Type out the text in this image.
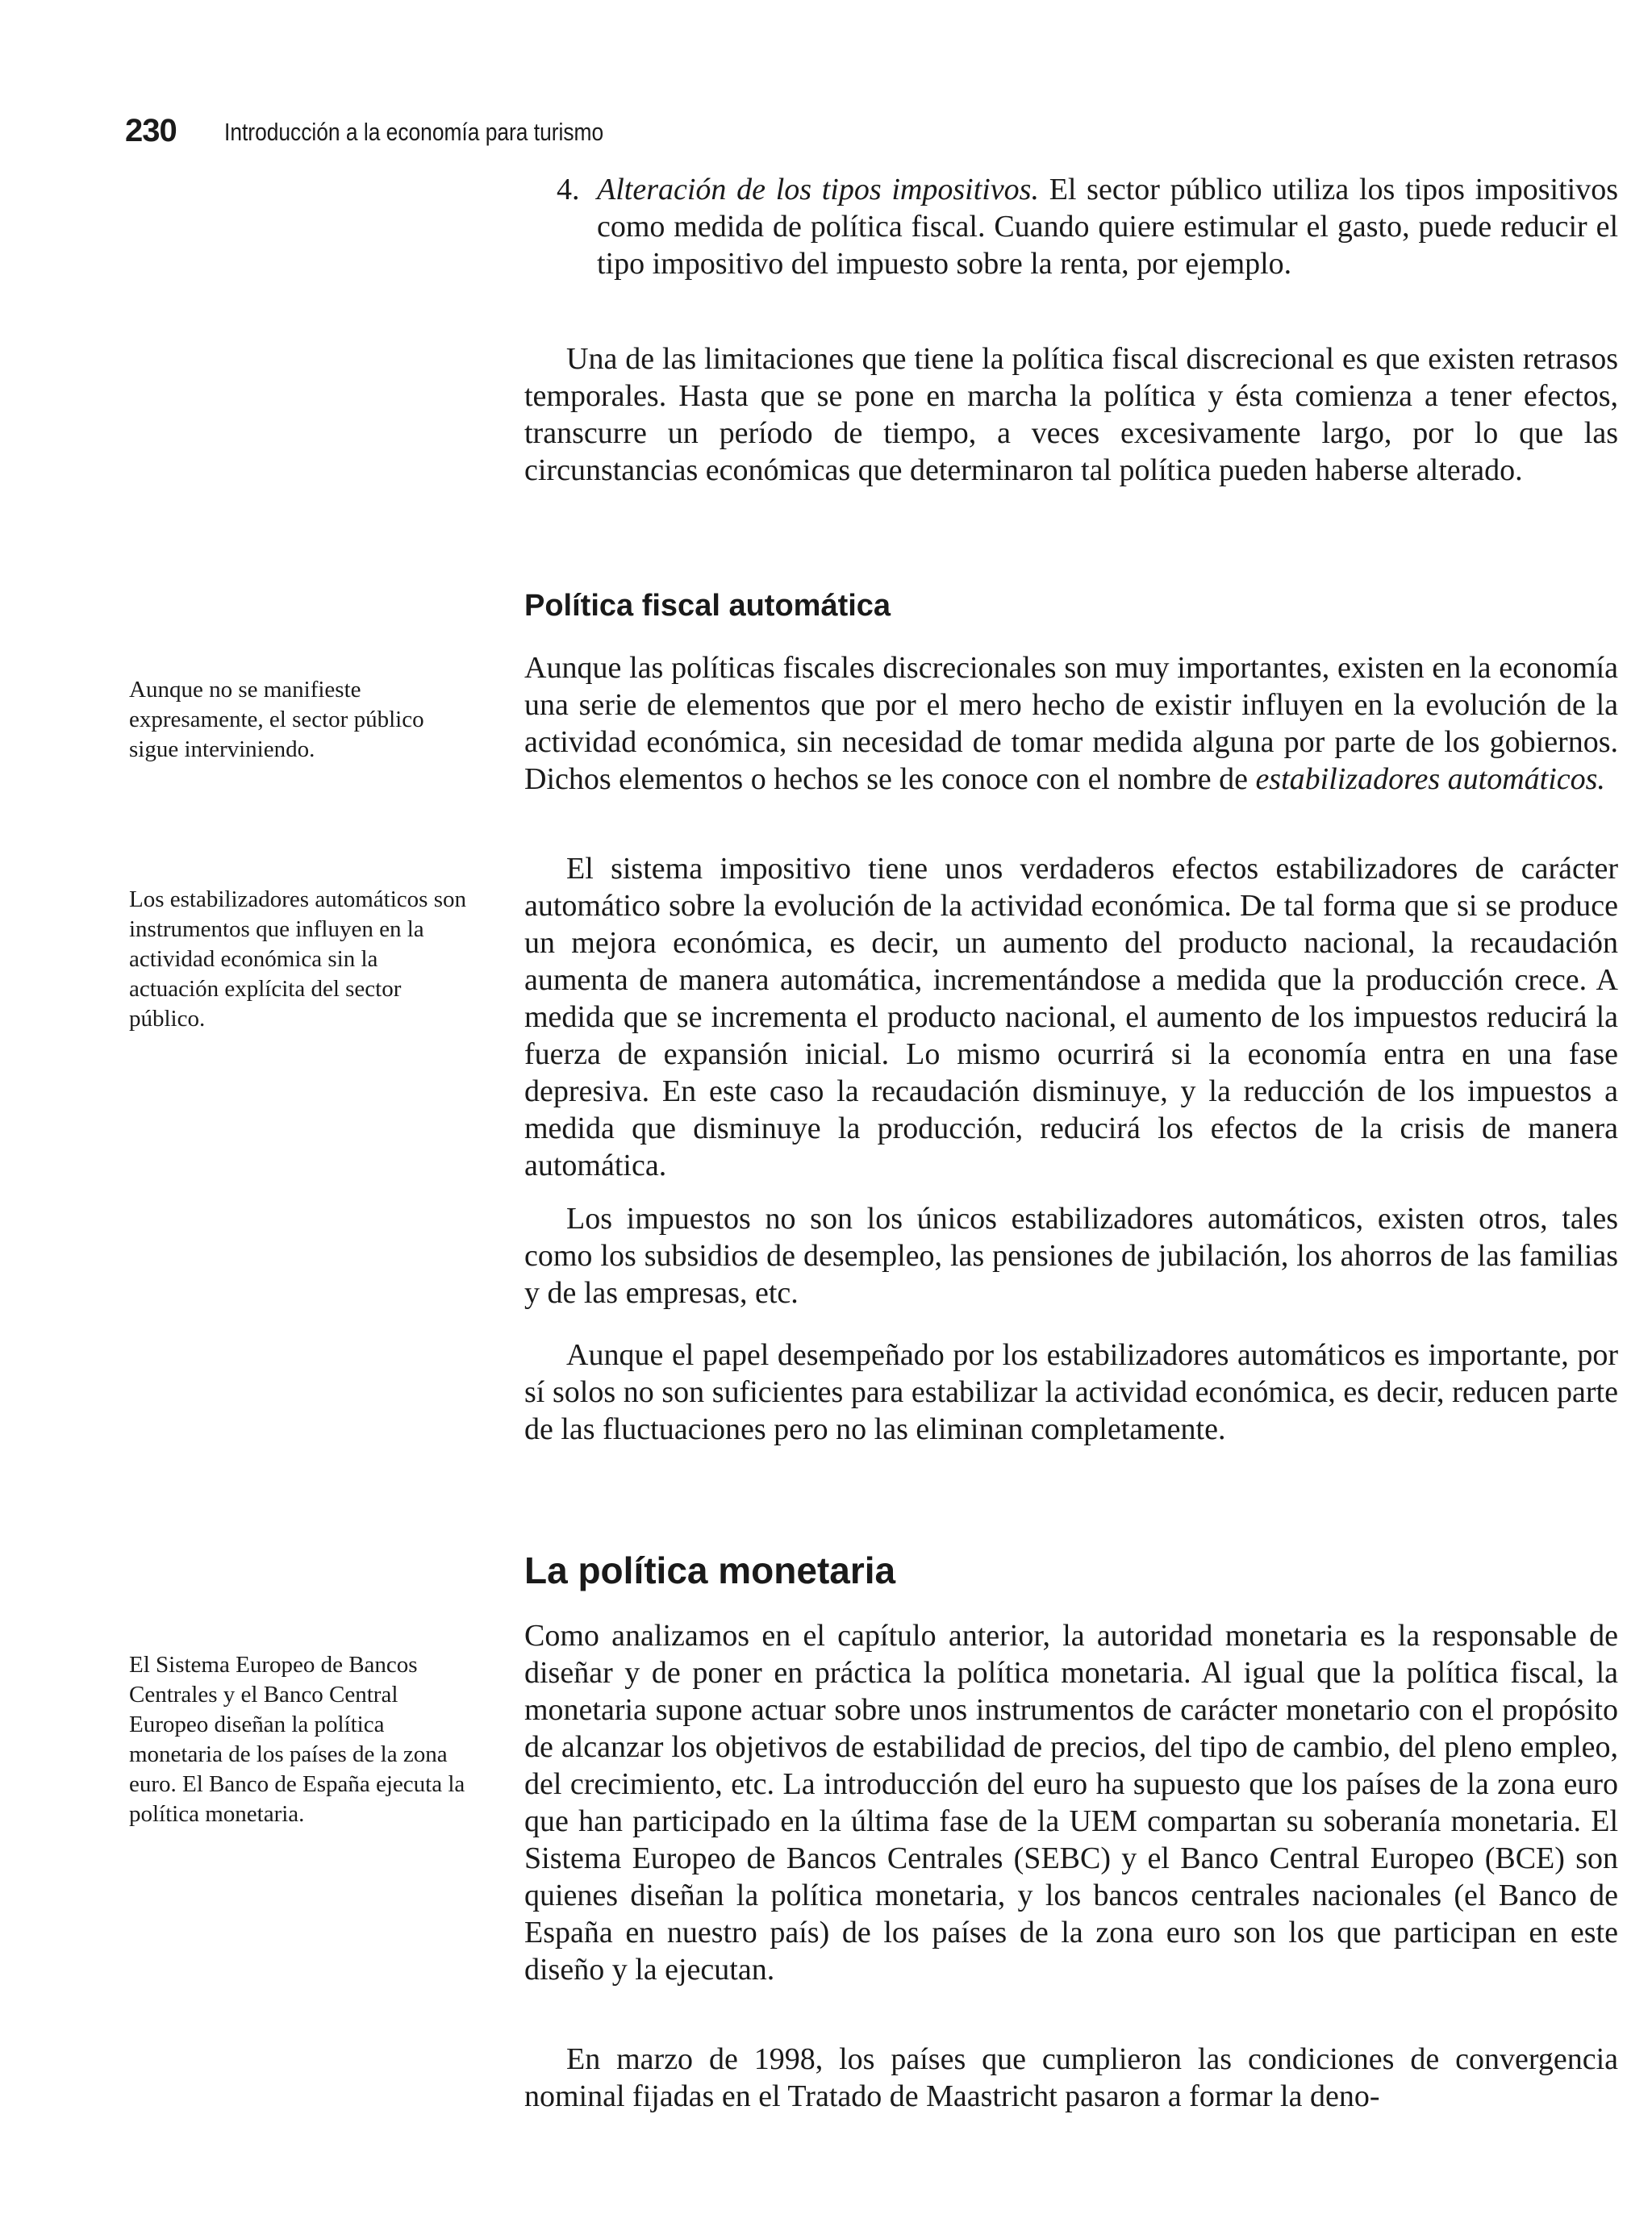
230 Introducción a la economía para turismo
4. Alteración de los tipos impositivos. El sector público utiliza los tipos impositivos como medida de política fiscal. Cuando quiere estimular el gasto, puede reducir el tipo impositivo del impuesto sobre la renta, por ejemplo.

Una de las limitaciones que tiene la política fiscal discrecional es que existen retrasos temporales. Hasta que se pone en marcha la política y ésta comienza a tener efectos, transcurre un período de tiempo, a veces excesivamente largo, por lo que las circunstancias económicas que determinaron tal política pueden haberse alterado.

Política fiscal automática

Aunque las políticas fiscales discrecionales son muy importantes, existen en la economía una serie de elementos que por el mero hecho de existir influyen en la evolución de la actividad económica, sin necesidad de tomar medida alguna por parte de los gobiernos. Dichos elementos o hechos se les conoce con el nombre de estabilizadores automáticos.

El sistema impositivo tiene unos verdaderos efectos estabilizadores de carácter automático sobre la evolución de la actividad económica. De tal forma que si se produce un mejora económica, es decir, un aumento del producto nacional, la recaudación aumenta de manera automática, incrementándose a medida que la producción crece. A medida que se incrementa el producto nacional, el aumento de los impuestos reducirá la fuerza de expansión inicial. Lo mismo ocurrirá si la economía entra en una fase depresiva. En este caso la recaudación disminuye, y la reducción de los impuestos a medida que disminuye la producción, reducirá los efectos de la crisis de manera automática.

Los impuestos no son los únicos estabilizadores automáticos, existen otros, tales como los subsidios de desempleo, las pensiones de jubilación, los ahorros de las familias y de las empresas, etc.

Aunque el papel desempeñado por los estabilizadores automáticos es importante, por sí solos no son suficientes para estabilizar la actividad económica, es decir, reducen parte de las fluctuaciones pero no las eliminan completamente.

La política monetaria

Como analizamos en el capítulo anterior, la autoridad monetaria es la responsable de diseñar y de poner en práctica la política monetaria. Al igual que la política fiscal, la monetaria supone actuar sobre unos instrumentos de carácter monetario con el propósito de alcanzar los objetivos de estabilidad de precios, del tipo de cambio, del pleno empleo, del crecimiento, etc. La introducción del euro ha supuesto que los países de la zona euro que han participado en la última fase de la UEM compartan su soberanía monetaria. El Sistema Europeo de Bancos Centrales (SEBC) y el Banco Central Europeo (BCE) son quienes diseñan la política monetaria, y los bancos centrales nacionales (el Banco de España en nuestro país) de los países de la zona euro son los que participan en este diseño y la ejecutan.

En marzo de 1998, los países que cumplieron las condiciones de convergencia nominal fijadas en el Tratado de Maastricht pasaron a formar la deno-

Aunque no se manifieste expresamente, el sector público sigue interviniendo.
Los estabilizadores automáticos son instrumentos que influyen en la actividad económica sin la actuación explícita del sector público.
El Sistema Europeo de Bancos Centrales y el Banco Central Europeo diseñan la política monetaria de los países de la zona euro. El Banco de España ejecuta la política monetaria.
